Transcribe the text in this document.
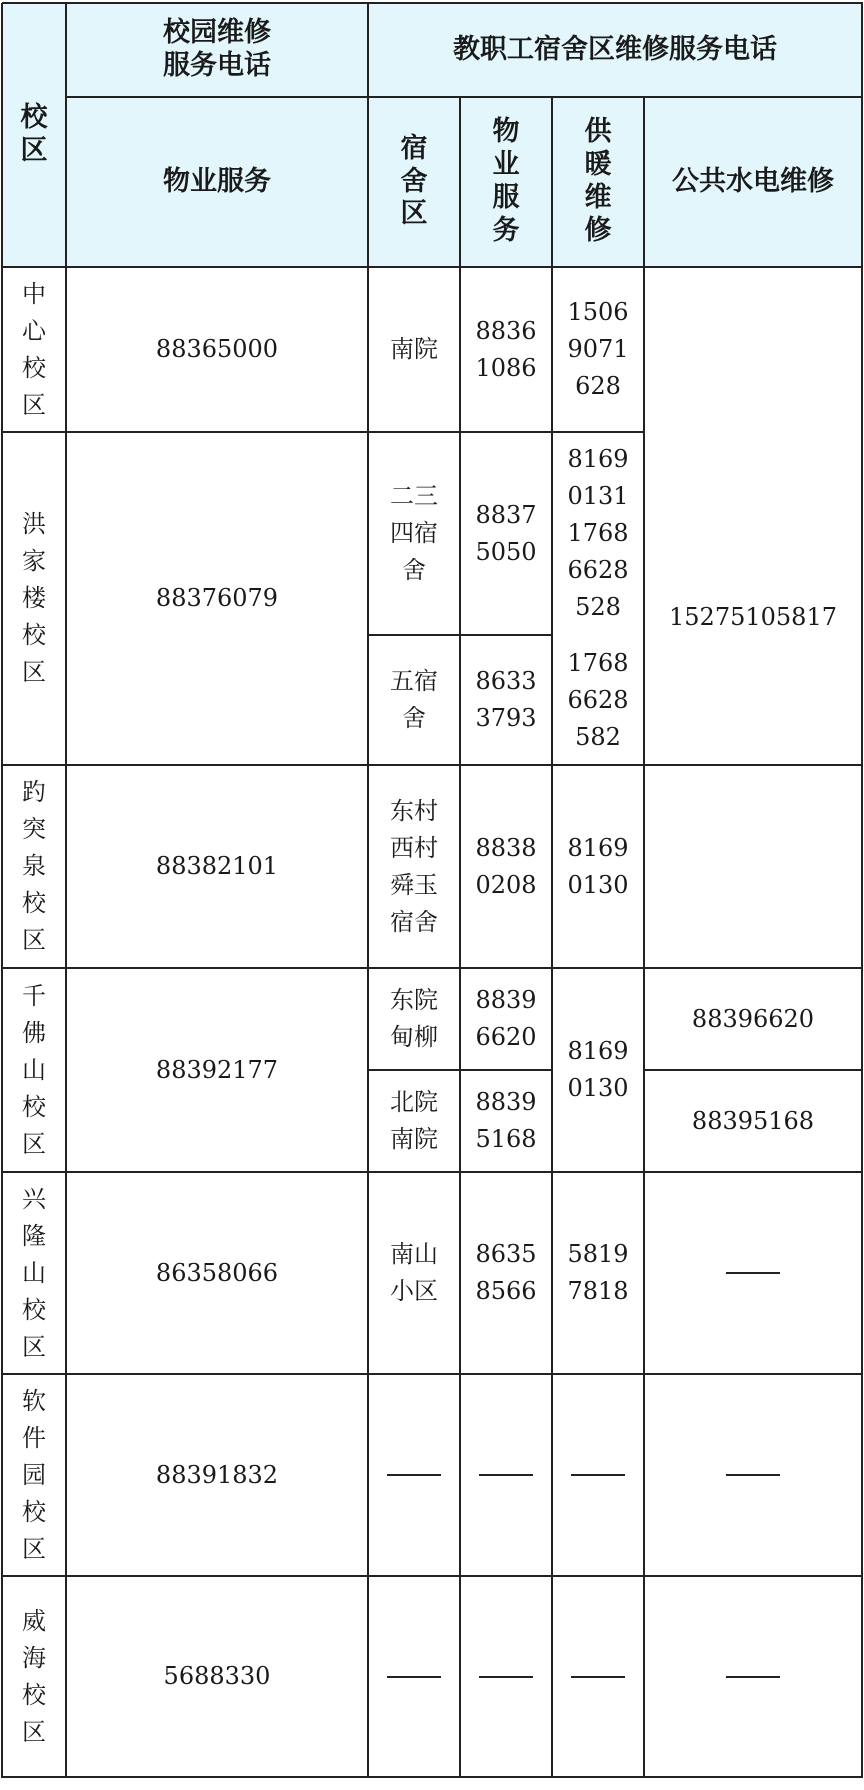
校
区
校园维修
服务电话
教职工宿舍区维修服务电话
物业服务
宿
舍
区
物
业
服
务
供
暖
维
修
公共水电维修
中
心
校
区
88365000
洪
家
楼
校
区
88376079
趵
突
泉
校
区
88382101
千
佛
山
校
区
88392177
兴
隆
山
校
区
86358066
软
件
园
校
区
88391832
威
海
校
区
5688330
南院
8836
1086
1506
9071
628
二三
四宿
舍
8837
5050
8169
0131
1768
6628
528
五宿
舍
8633
3793
1768
6628
582
东村
西村
舜玉
宿舍
8838
0208
8169
0130
东院
甸柳
8839
6620
北院
南院
8839
5168
南山
小区
8635
8566
5819
7818
8169
0130
15275105817
88396620
88395168
